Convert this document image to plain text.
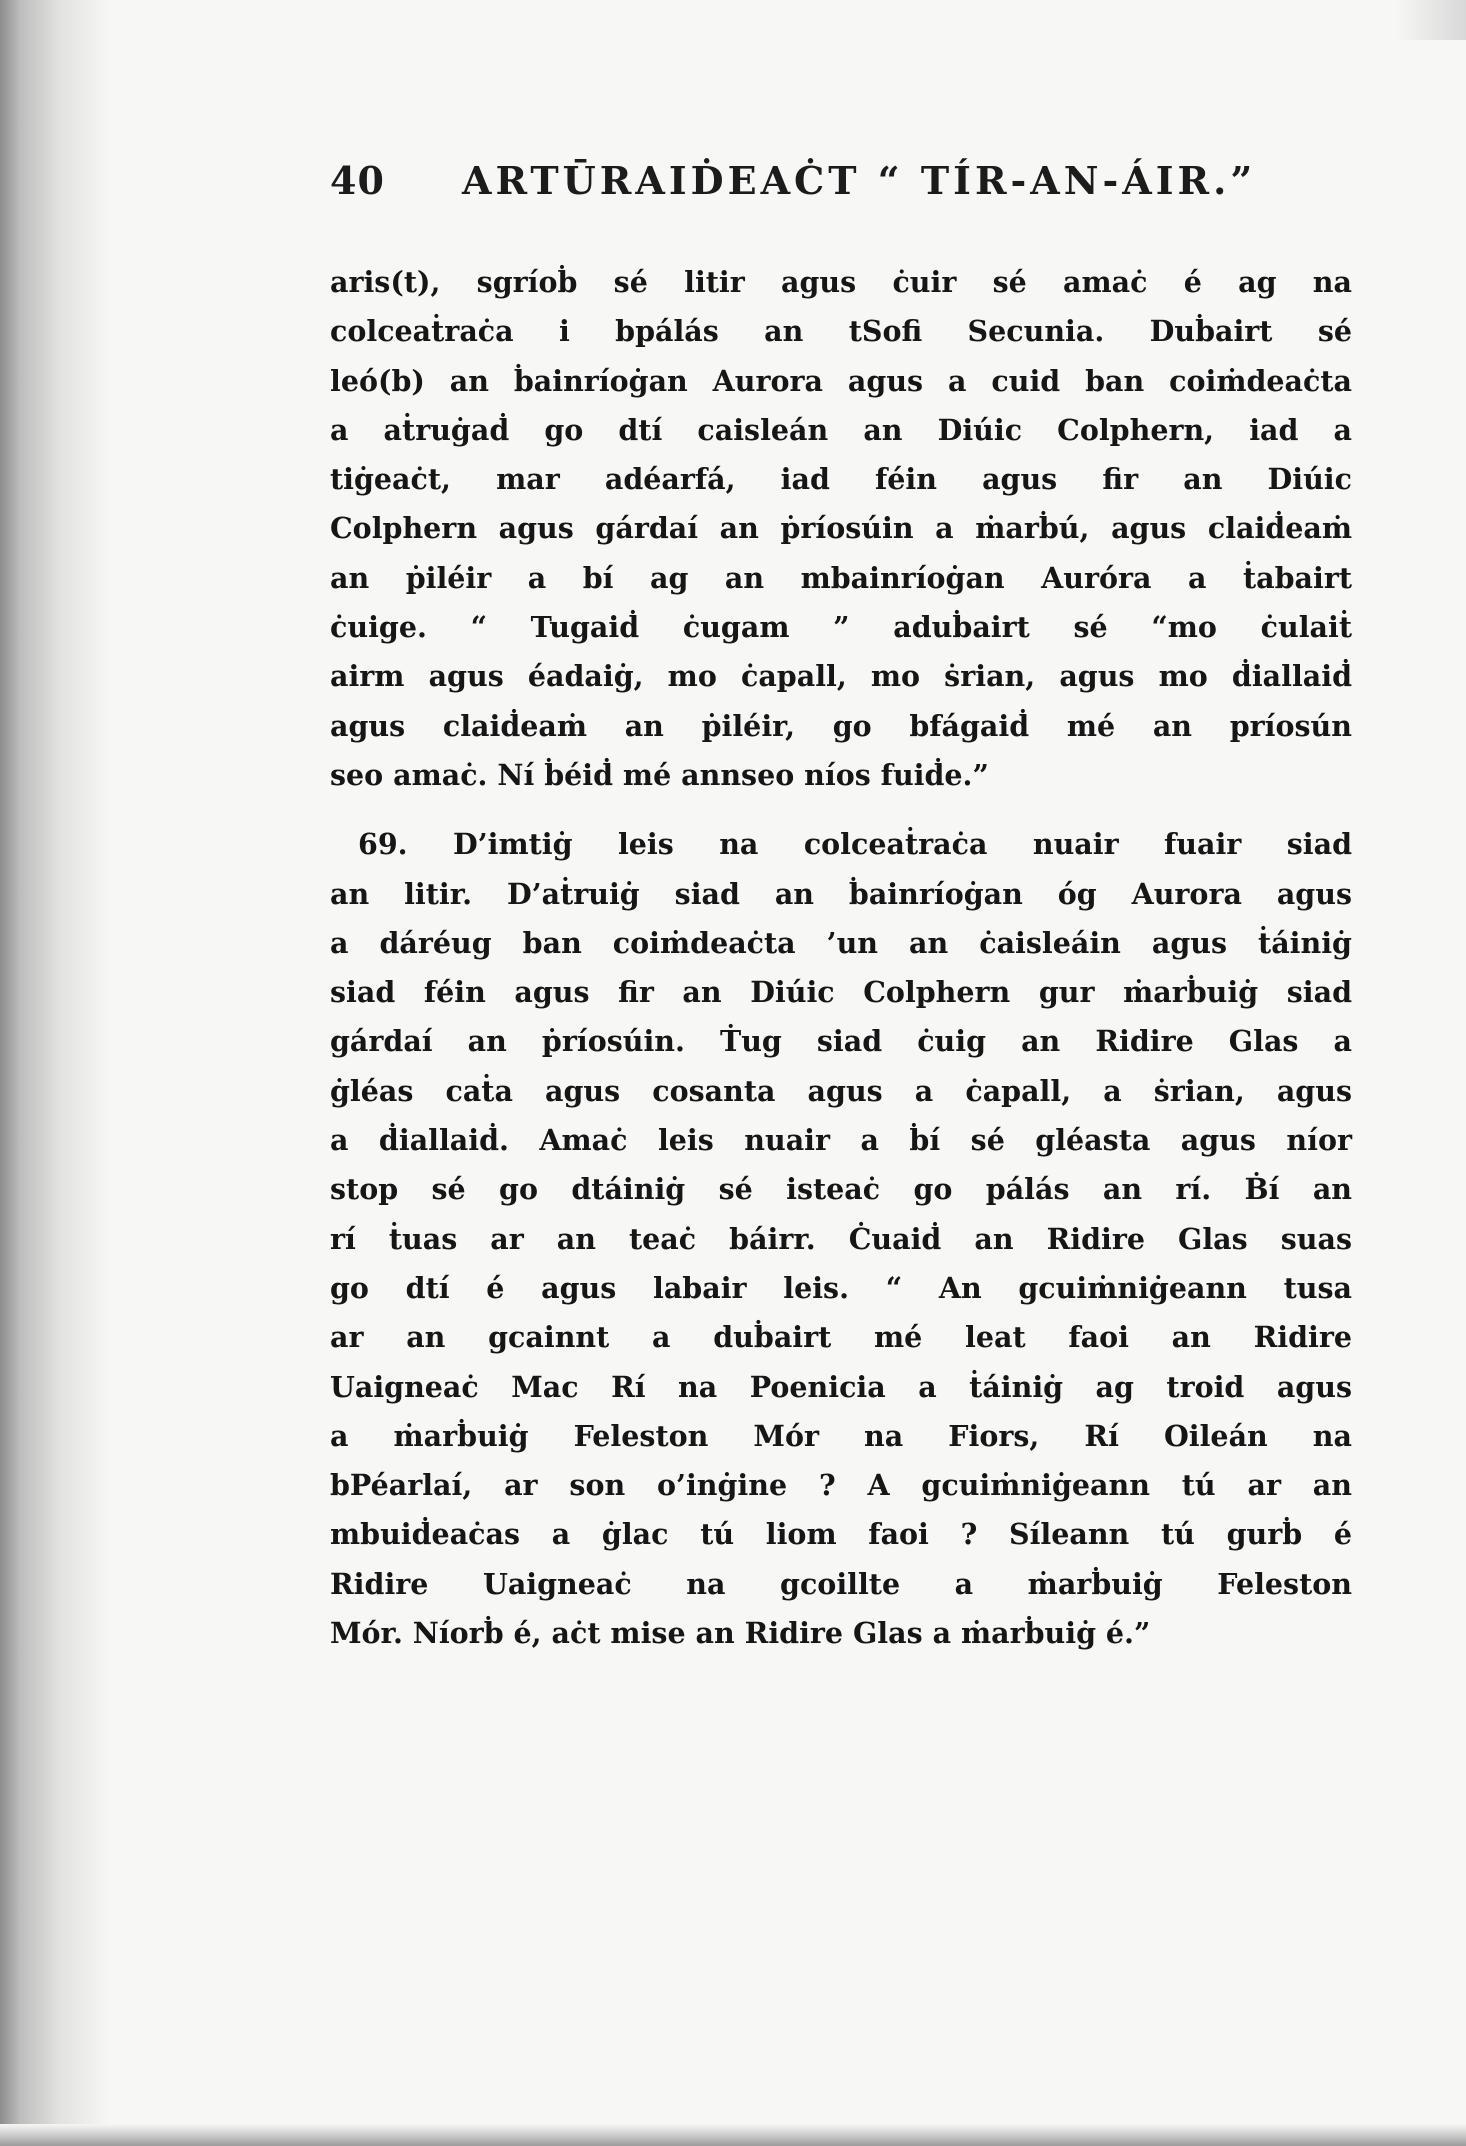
40 ARTŪRAIḊEAĊT “ TÍR-AN-ÁIR.”

aris(t), sgríoḃ sé litir agus ċuir sé amaċ é ag na
colceaṫraċa i bpálás an tSofi Secunia. Duḃairt sé
leó(b) an ḃainríoġan Aurora agus a cuid ban coiṁdeaċta
a aṫruġaḋ go dtí caisleán an Diúic Colphern, iad a
tiġeaċt, mar adéarfá, iad féin agus fir an Diúic
Colphern agus gárdaí an ṗríosúin a ṁarḃú, agus claiḋeaṁ
an ṗiléir a bí ag an mbainríoġan Auróra a ṫabairt
ċuige. “ Tugaiḋ ċugam ” aduḃairt sé “mo ċulaiṫ
airm agus éadaiġ, mo ċapall, mo ṡrian, agus mo ḋiallaiḋ
agus claiḋeaṁ an ṗiléir, go bfágaiḋ mé an príosún
seo amaċ. Ní ḃéiḋ mé annseo níos fuiḋe.”

69. D’imtiġ leis na colceaṫraċa nuair fuair siad
an litir. D’aṫruiġ siad an ḃainríoġan óg Aurora agus
a dáréug ban coiṁdeaċta ’un an ċaisleáin agus ṫáiniġ
siad féin agus fir an Diúic Colphern gur ṁarḃuiġ siad
gárdaí an ṗríosúin. Ṫug siad ċuig an Ridire Glas a
ġléas caṫa agus cosanta agus a ċapall, a ṡrian, agus
a ḋiallaiḋ. Amaċ leis nuair a ḃí sé gléasta agus níor
stop sé go dtáiniġ sé isteaċ go pálás an rí. Ḃí an
rí ṫuas ar an teaċ báirr. Ċuaiḋ an Ridire Glas suas
go dtí é agus labair leis. “ An gcuiṁniġeann tusa
ar an gcainnt a duḃairt mé leat faoi an Ridire
Uaigneaċ Mac Rí na Poenicia a ṫáiniġ ag troid agus
a ṁarḃuiġ Feleston Mór na Fiors, Rí Oileán na
bPéarlaí, ar son o’inġine ? A gcuiṁniġeann tú ar an
mbuiḋeaċas a ġlac tú liom faoi ? Síleann tú gurḃ é
Ridire Uaigneaċ na gcoillte a ṁarḃuiġ Feleston
Mór. Níorḃ é, aċt mise an Ridire Glas a ṁarḃuiġ é.”
